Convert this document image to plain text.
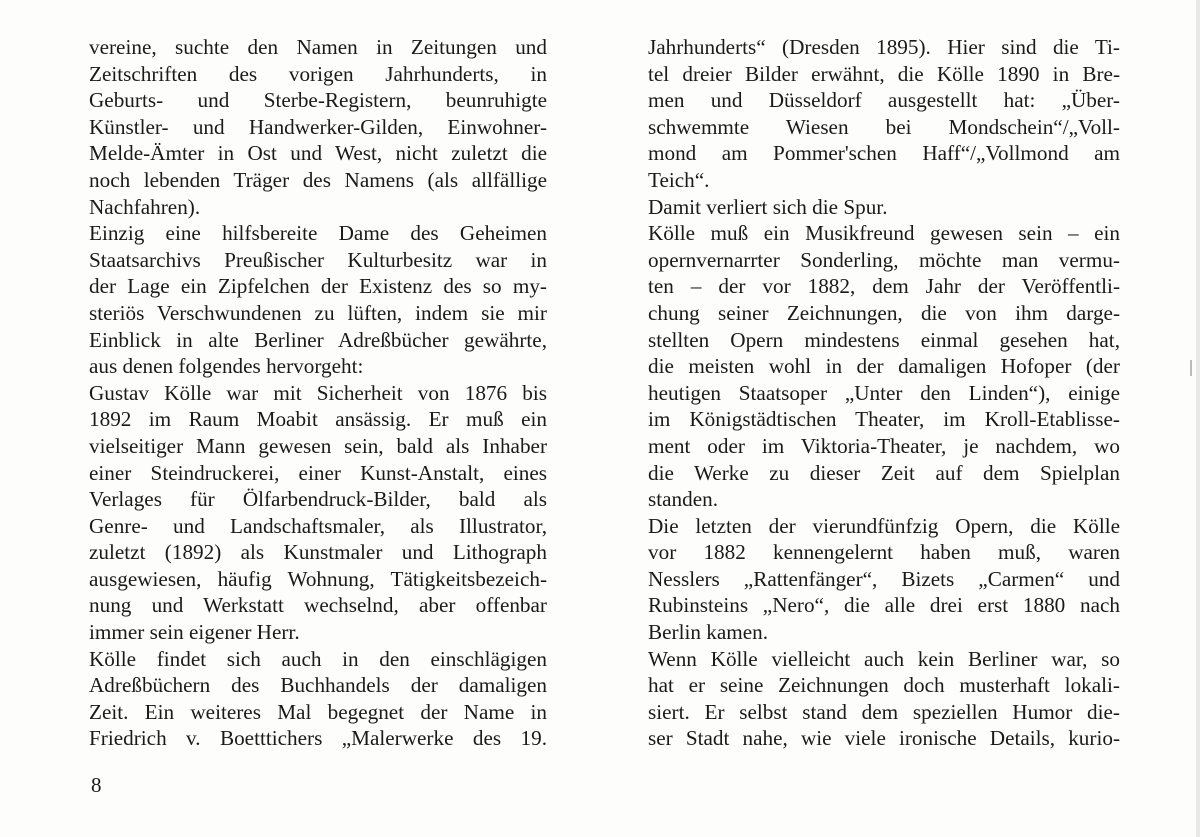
vereine, suchte den Namen in Zeitungen und
Zeitschriften des vorigen Jahrhunderts, in
Geburts- und Sterbe-Registern, beunruhigte
Künstler- und Handwerker-Gilden, Einwohner-
Melde-Ämter in Ost und West, nicht zuletzt die
noch lebenden Träger des Namens (als allfällige
Nachfahren).
Einzig eine hilfsbereite Dame des Geheimen
Staatsarchivs Preußischer Kulturbesitz war in
der Lage ein Zipfelchen der Existenz des so my-
steriös Verschwundenen zu lüften, indem sie mir
Einblick in alte Berliner Adreßbücher gewährte,
aus denen folgendes hervorgeht:
Gustav Kölle war mit Sicherheit von 1876 bis
1892 im Raum Moabit ansässig. Er muß ein
vielseitiger Mann gewesen sein, bald als Inhaber
einer Steindruckerei, einer Kunst-Anstalt, eines
Verlages für Ölfarbendruck-Bilder, bald als
Genre- und Landschaftsmaler, als Illustrator,
zuletzt (1892) als Kunstmaler und Lithograph
ausgewiesen, häufig Wohnung, Tätigkeitsbezeich-
nung und Werkstatt wechselnd, aber offenbar
immer sein eigener Herr.
Kölle findet sich auch in den einschlägigen
Adreßbüchern des Buchhandels der damaligen
Zeit. Ein weiteres Mal begegnet der Name in
Friedrich v. Boetttichers „Malerwerke des 19.
Jahrhunderts“ (Dresden 1895). Hier sind die Ti-
tel dreier Bilder erwähnt, die Kölle 1890 in Bre-
men und Düsseldorf ausgestellt hat: „Über-
schwemmte Wiesen bei Mondschein“/„Voll-
mond am Pommer'schen Haff“/„Vollmond am
Teich“.
Damit verliert sich die Spur.
Kölle muß ein Musikfreund gewesen sein – ein
opernvernarrter Sonderling, möchte man vermu-
ten – der vor 1882, dem Jahr der Veröffentli-
chung seiner Zeichnungen, die von ihm darge-
stellten Opern mindestens einmal gesehen hat,
die meisten wohl in der damaligen Hofoper (der
heutigen Staatsoper „Unter den Linden“), einige
im Königstädtischen Theater, im Kroll-Etablisse-
ment oder im Viktoria-Theater, je nachdem, wo
die Werke zu dieser Zeit auf dem Spielplan
standen.
Die letzten der vierundfünfzig Opern, die Kölle
vor 1882 kennengelernt haben muß, waren
Nesslers „Rattenfänger“, Bizets „Carmen“ und
Rubinsteins „Nero“, die alle drei erst 1880 nach
Berlin kamen.
Wenn Kölle vielleicht auch kein Berliner war, so
hat er seine Zeichnungen doch musterhaft lokali-
siert. Er selbst stand dem speziellen Humor die-
ser Stadt nahe, wie viele ironische Details, kurio-
8
